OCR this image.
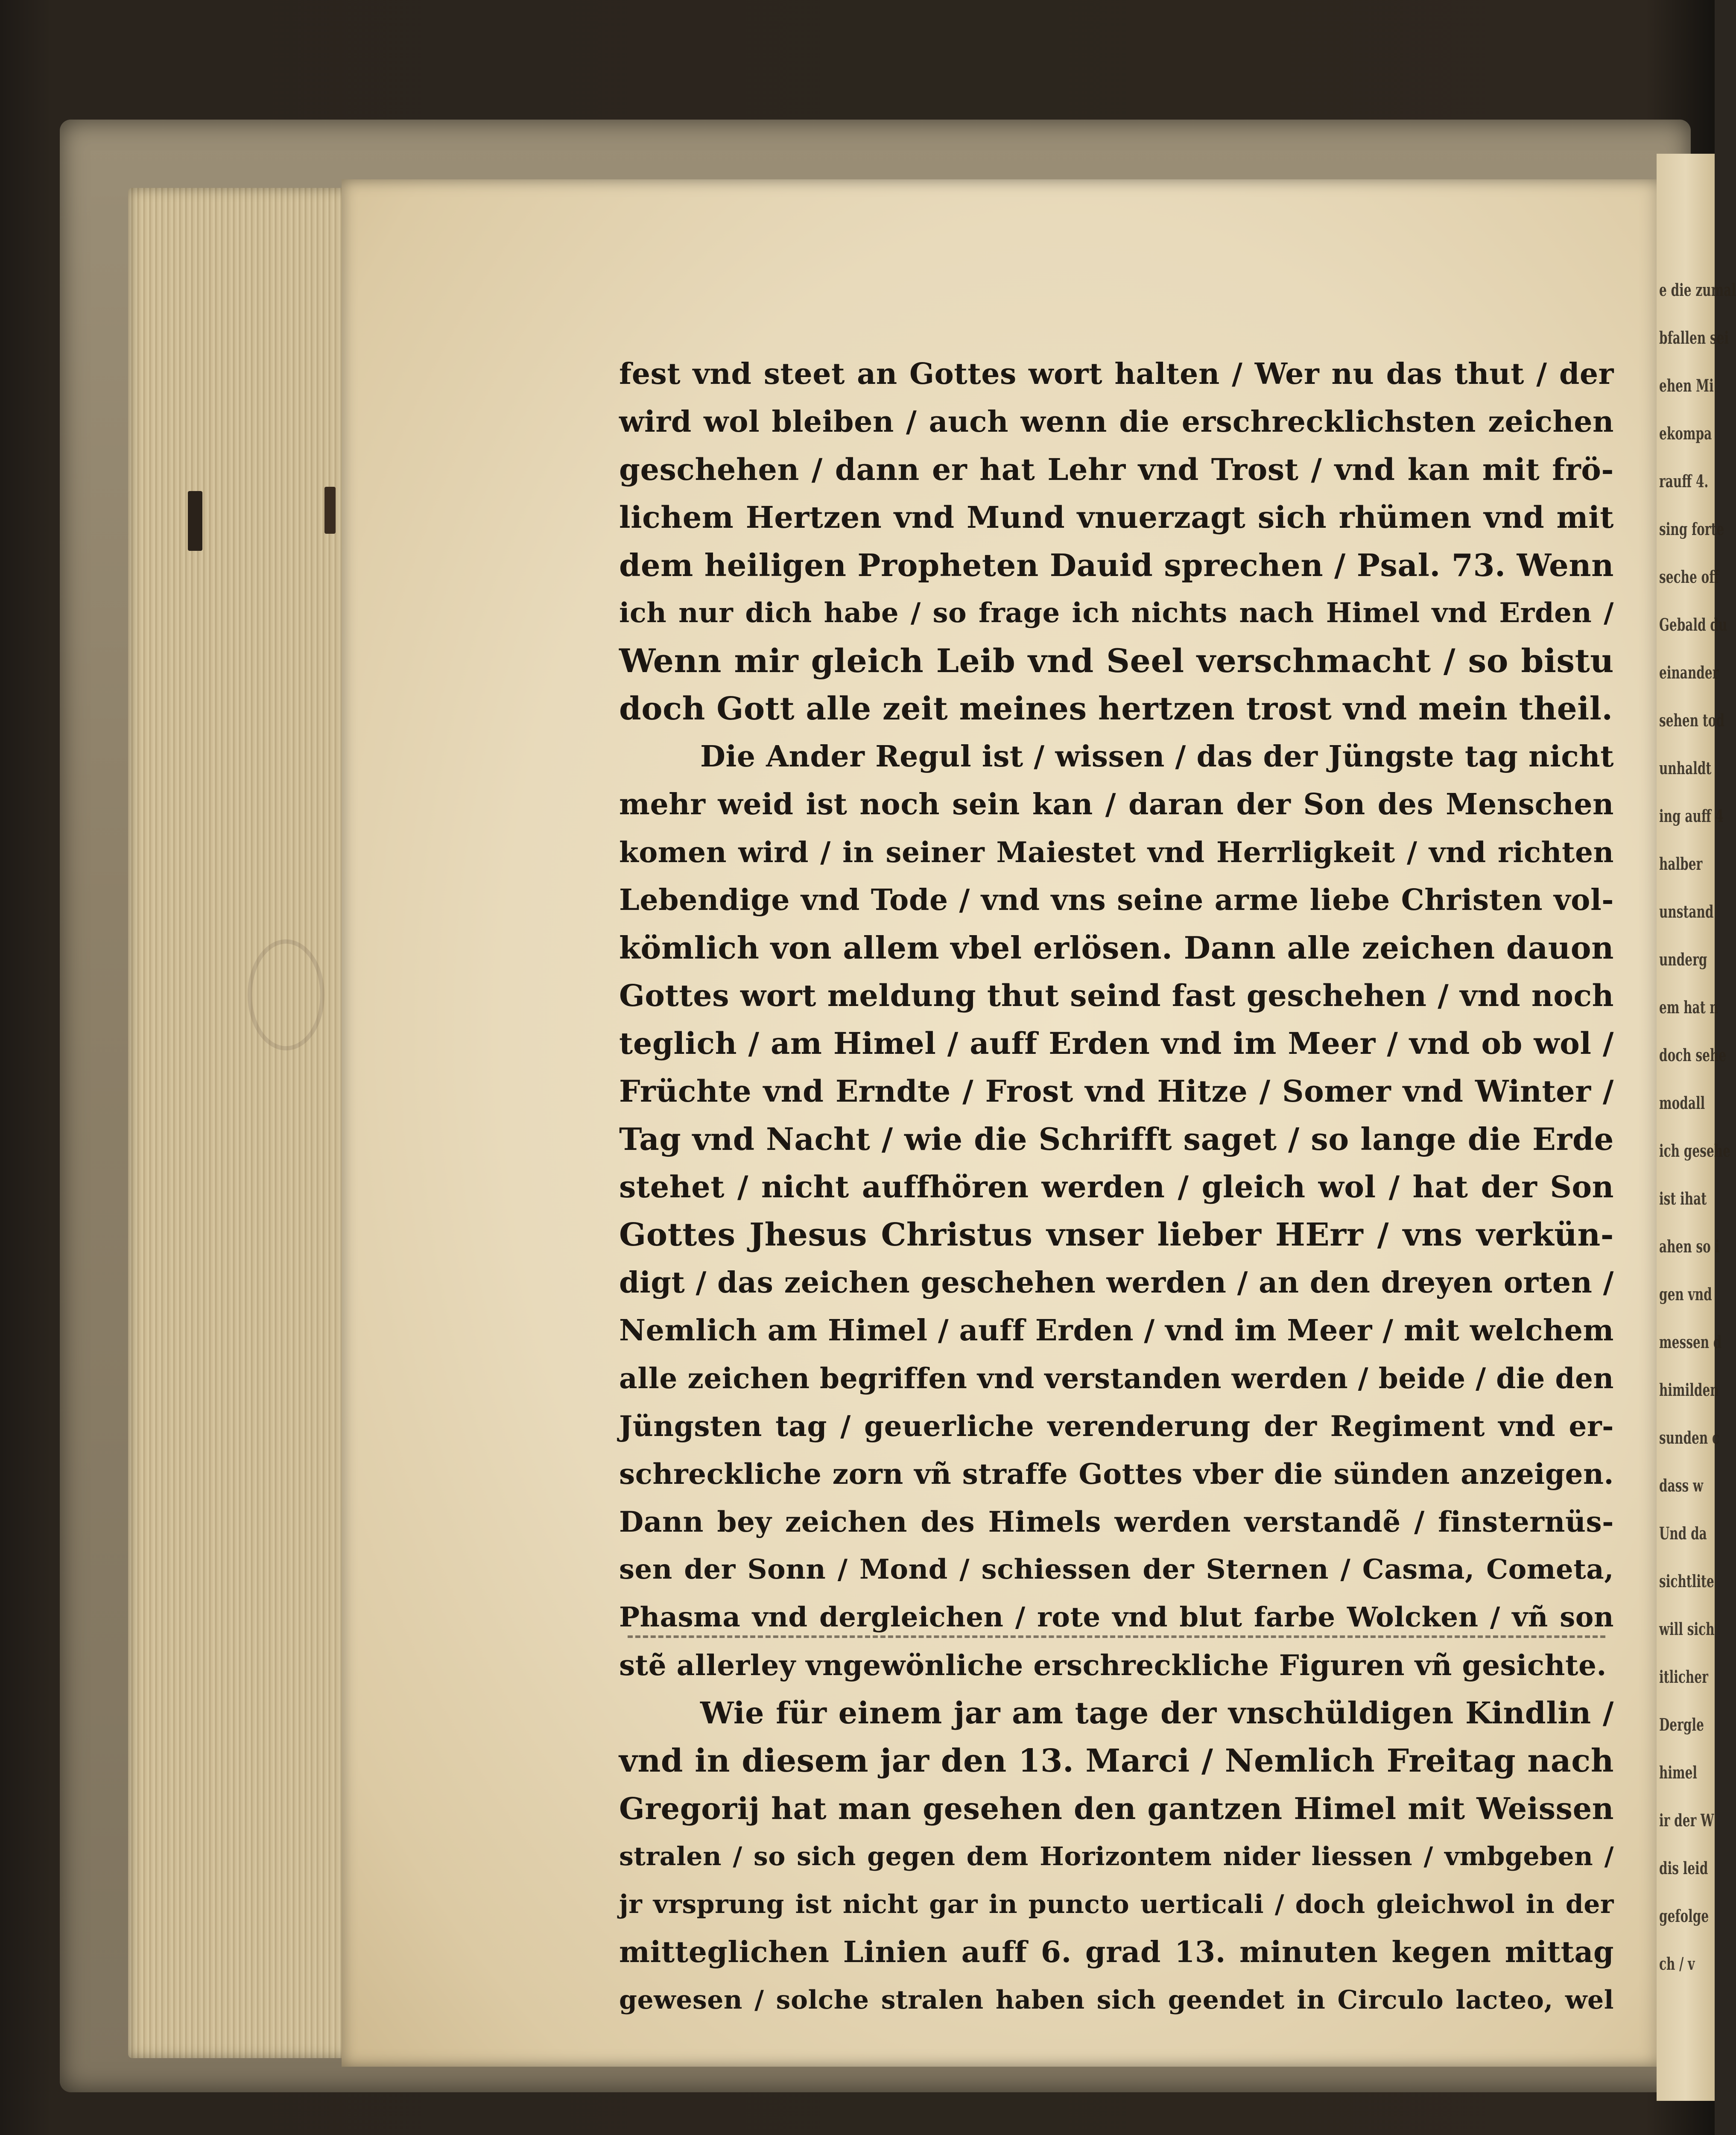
e die zumal
bfallen sei
ehen Mi
ekompa
rauff 4.
sing forte
seche off
Gebald du
einander
sehen tod
unhaldt
ing auff 4
halber
unstand
underg
em hat n
doch sehe
modall
ich gesehe
ist ihat
ahen so i
gen vnd
messen d
himilden
sunden c
dass w
Und da
sichtlite
will sich
itlicher
Dergle
himel
ir der W
dis leid
gefolge
ch / v
fest vnd steet an Gottes wort halten / Wer nu das thut / der
wird wol bleiben / auch wenn die erschrecklichsten zeichen
geschehen / dann er hat Lehr vnd Trost / vnd kan mit frö-
lichem Hertzen vnd Mund vnuerzagt sich rhümen vnd mit
dem heiligen Propheten Dauid sprechen / Psal. 73. Wenn
ich nur dich habe / so frage ich nichts nach Himel vnd Erden /
Wenn mir gleich Leib vnd Seel verschmacht / so bistu
doch Gott alle zeit meines hertzen trost vnd mein theil.
Die Ander Regul ist / wissen / das der Jüngste tag nicht
mehr weid ist noch sein kan / daran der Son des Menschen
komen wird / in seiner Maiestet vnd Herrligkeit / vnd richten
Lebendige vnd Tode / vnd vns seine arme liebe Christen vol-
kömlich von allem vbel erlösen. Dann alle zeichen dauon
Gottes wort meldung thut seind fast geschehen / vnd noch
teglich / am Himel / auff Erden vnd im Meer / vnd ob wol /
Früchte vnd Erndte / Frost vnd Hitze / Somer vnd Winter /
Tag vnd Nacht / wie die Schrifft saget / so lange die Erde
stehet / nicht auffhören werden / gleich wol / hat der Son
Gottes Jhesus Christus vnser lieber HErr / vns verkün-
digt / das zeichen geschehen werden / an den dreyen orten /
Nemlich am Himel / auff Erden / vnd im Meer / mit welchem
alle zeichen begriffen vnd verstanden werden / beide / die den
Jüngsten tag / geuerliche verenderung der Regiment vnd er-
schreckliche zorn vñ straffe Gottes vber die sünden anzeigen.
Dann bey zeichen des Himels werden verstandẽ / finsternüs-
sen der Sonn / Mond / schiessen der Sternen / Casma, Cometa,
Phasma vnd dergleichen / rote vnd blut farbe Wolcken / vñ son
stẽ allerley vngewönliche erschreckliche Figuren vñ gesichte.
Wie für einem jar am tage der vnschüldigen Kindlin /
vnd in diesem jar den 13. Marci / Nemlich Freitag nach
Gregorij hat man gesehen den gantzen Himel mit Weissen
stralen / so sich gegen dem Horizontem nider liessen / vmbgeben /
jr vrsprung ist nicht gar in puncto uerticali / doch gleichwol in der
mitteglichen Linien auff 6. grad 13. minuten kegen mittag
gewesen / solche stralen haben sich geendet in Circulo lacteo, wel
